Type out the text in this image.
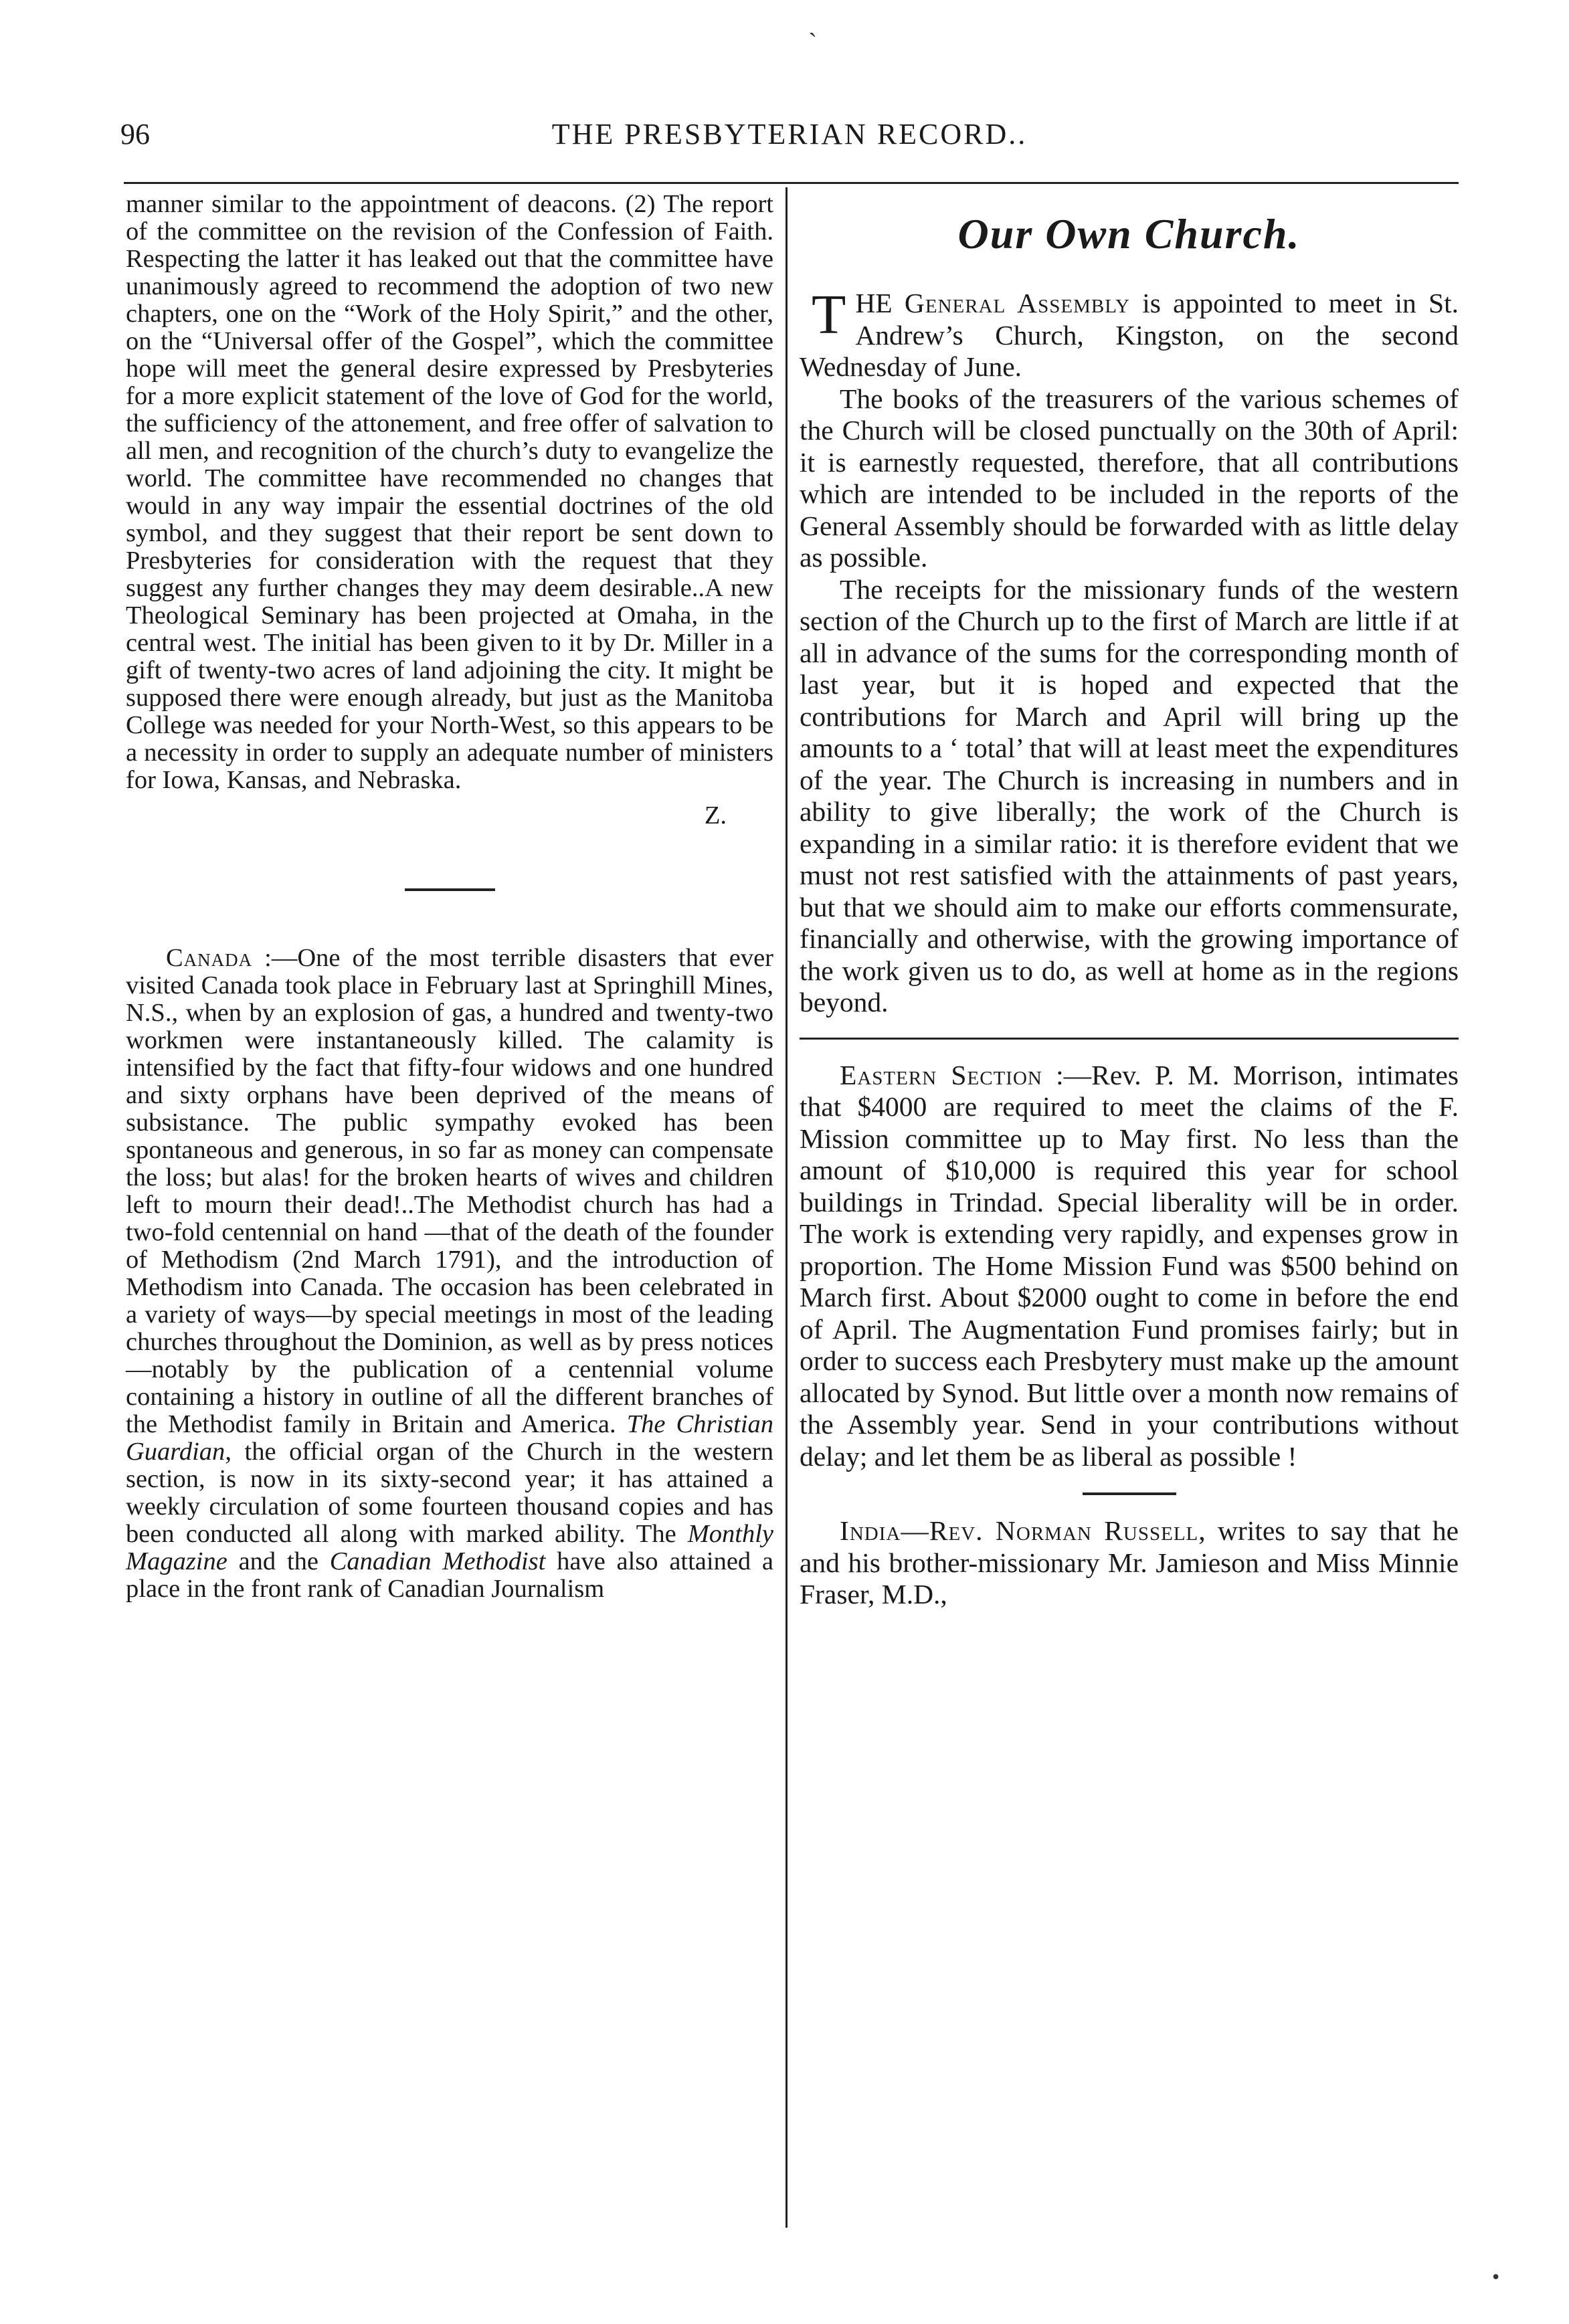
96	THE PRESBYTERIAN RECORD..
ˋ
•

manner similar to the appointment of deacons. (2) The report of the committee on the revision of the Confession of Faith. Respecting the latter it has leaked out that the committee have unanimously agreed to recommend the adoption of two new chapters, one on the “Work of the Holy Spirit,” and the other, on the “Universal offer of the Gospel”, which the committee hope will meet the general desire expressed by Presbyteries for a more explicit statement of the love of God for the world, the sufficiency of the attonement, and free offer of salvation to all men, and recognition of the church’s duty to evangelize the world. The committee have recommended no changes that would in any way impair the essential doctrines of the old symbol, and they suggest that their report be sent down to Presbyteries for consideration with the request that they suggest any further changes they may deem desirable..A new Theological Seminary has been projected at Omaha, in the central west. The initial has been given to it by Dr. Miller in a gift of twenty-two acres of land adjoining the city. It might be supposed there were enough already, but just as the Manitoba College was needed for your North-West, so this appears to be a necessity in order to supply an adequate number of ministers for Iowa, Kansas, and Nebraska.

Z.

Canada :—One of the most terrible disasters that ever visited Canada took place in February last at Springhill Mines, N.S., when by an explosion of gas, a hundred and twenty-two workmen were instantaneously killed. The calamity is intensified by the fact that fifty-four widows and one hundred and sixty orphans have been deprived of the means of subsistance. The public sympathy evoked has been spontaneous and generous, in so far as money can compensate the loss; but alas! for the broken hearts of wives and children left to mourn their dead!..The Methodist church has had a two-fold centennial on hand —that of the death of the founder of Methodism (2nd March 1791), and the introduction of Methodism into Canada. The occasion has been celebrated in a variety of ways—by special meetings in most of the leading churches throughout the Dominion, as well as by press notices—notably by the publication of a centennial volume containing a history in outline of all the different branches of the Methodist family in Britain and America. The Christian Guardian, the official organ of the Church in the western section, is now in its sixty-second year; it has attained a weekly circulation of some fourteen thousand copies and has been conducted all along with marked ability. The Monthly Magazine and the Canadian Methodist have also attained a place in the front rank of Canadian Journalism

Our Own Church.

THE General Assembly is appointed to meet in St. Andrew’s Church, Kingston, on the second Wednesday of June.

The books of the treasurers of the various schemes of the Church will be closed punctually on the 30th of April: it is earnestly requested, therefore, that all contributions which are intended to be included in the reports of the General Assembly should be forwarded with as little delay as possible.

The receipts for the missionary funds of the western section of the Church up to the first of March are little if at all in advance of the sums for the corresponding month of last year, but it is hoped and expected that the contributions for March and April will bring up the amounts to a ‘ total’ that will at least meet the expenditures of the year. The Church is increasing in numbers and in ability to give liberally; the work of the Church is expanding in a similar ratio: it is therefore evident that we must not rest satisfied with the attainments of past years, but that we should aim to make our efforts commensurate, financially and otherwise, with the growing importance of the work given us to do, as well at home as in the regions beyond.

Eastern Section :—Rev. P. M. Morrison, intimates that $4000 are required to meet the claims of the F. Mission committee up to May first. No less than the amount of $10,000 is required this year for school buildings in Trindad. Special liberality will be in order. The work is extending very rapidly, and expenses grow in proportion. The Home Mission Fund was $500 behind on March first. About $2000 ought to come in before the end of April. The Augmentation Fund promises fairly; but in order to success each Presbytery must make up the amount allocated by Synod. But little over a month now remains of the Assembly year. Send in your contributions without delay; and let them be as liberal as possible !

India—Rev. Norman Russell, writes to say that he and his brother-missionary Mr. Jamieson and Miss Minnie Fraser, M.D.,
